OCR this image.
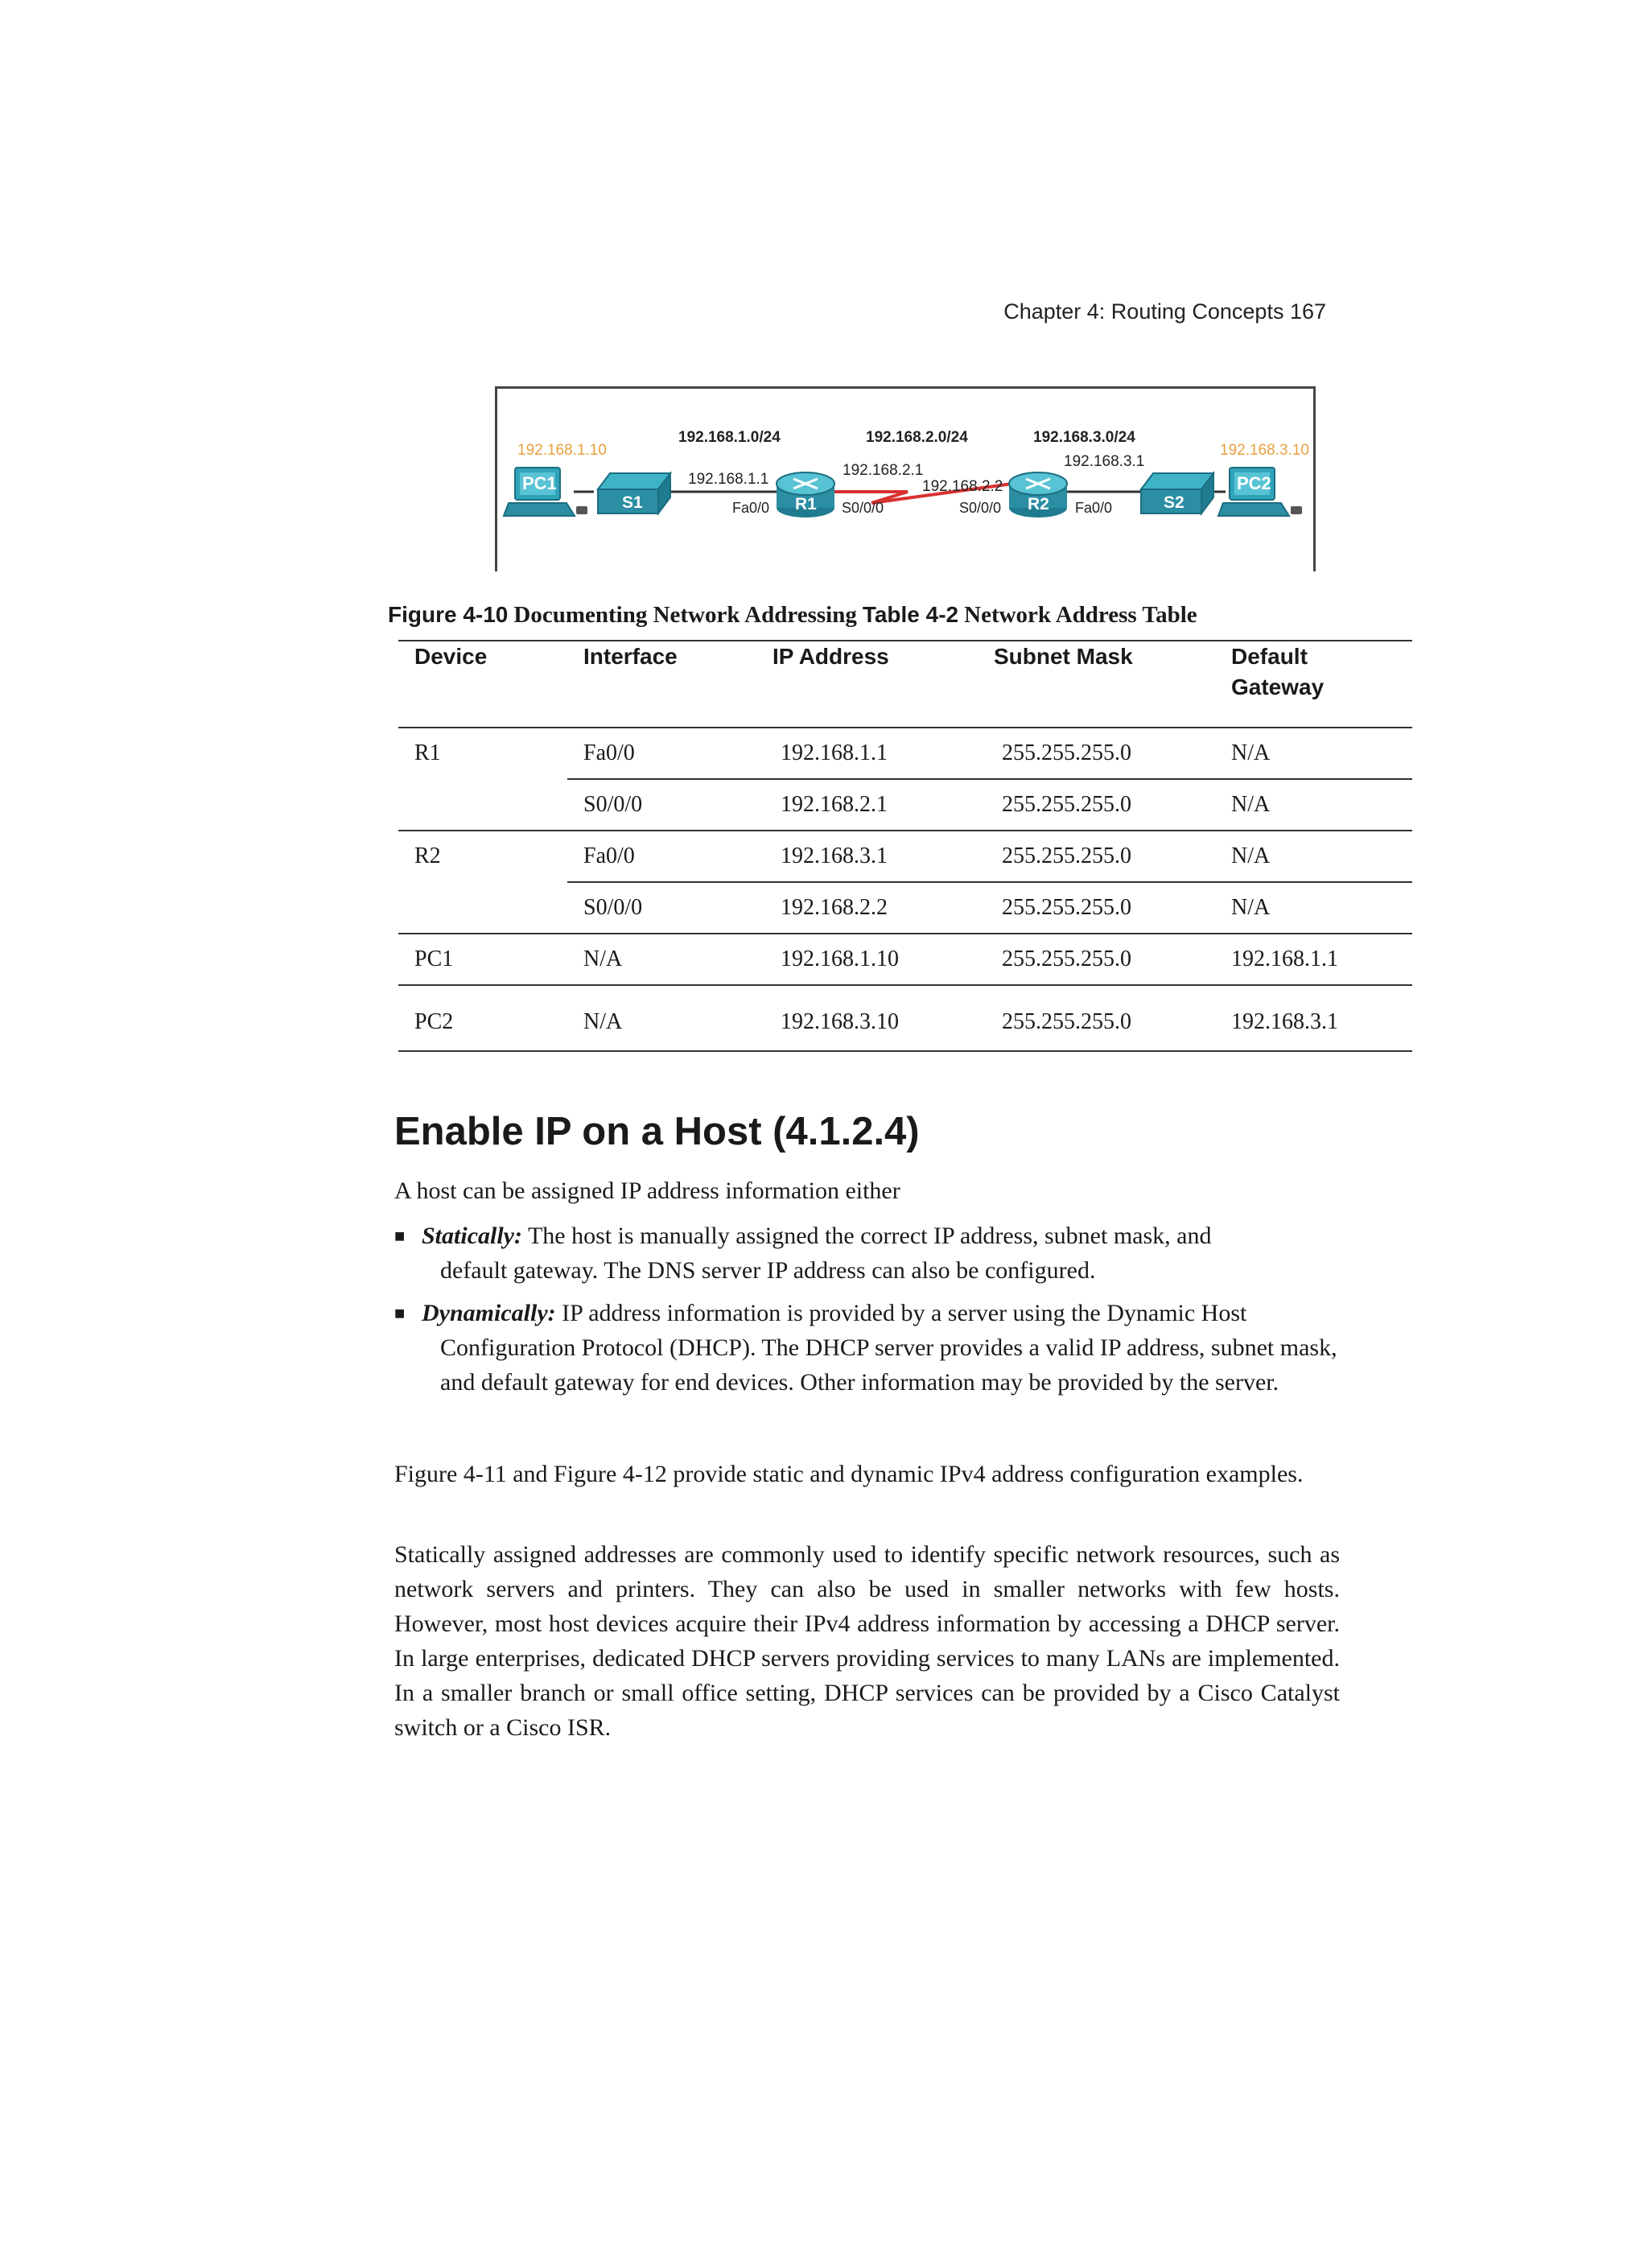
Chapter 4: Routing Concepts 167
PC1
192.168.1.10
S1	R1	R2	S2
PC2
192.168.3.10
192.168.1.0/24	192.168.2.0/24	192.168.3.0/24
192.168.1.1
192.168.2.1
192.168.2.2
192.168.3.1
Fa0/0	S0/0/0	S0/0/0	Fa0/0
Figure 4-10 Documenting Network Addressing Table 4-2 Network Address Table
Device	Interface	IP Address	Subnet Mask	Default
Gateway
R1	Fa0/0	192.168.1.1	255.255.255.0	N/A
	S0/0/0	192.168.2.1	255.255.255.0	N/A
R2	Fa0/0	192.168.3.1	255.255.255.0	N/A
	S0/0/0	192.168.2.2	255.255.255.0	N/A
PC1	N/A	192.168.1.10	255.255.255.0	192.168.1.1
PC2	N/A	192.168.3.10	255.255.255.0	192.168.3.1
Enable IP on a Host (4.1.2.4)

A host can be assigned IP address information either

■ Statically: The host is manually assigned the correct IP address, subnet mask, and
default gateway. The DNS server IP address can also be configured.
■ Dynamically: IP address information is provided by a server using the Dynamic Host
Configuration Protocol (DHCP). The DHCP server provides a valid IP address, subnet mask, and default gateway for end devices. Other information may be provided by the server.

Figure 4-11 and Figure 4-12 provide static and dynamic IPv4 address configuration examples.

Statically assigned addresses are commonly used to identify specific network resources, such as network servers and printers. They can also be used in smaller networks with few hosts. However, most host devices acquire their IPv4 address information by accessing a DHCP server. In large enterprises, dedicated DHCP servers providing services to many LANs are implemented. In a smaller branch or small office setting, DHCP services can be provided by a Cisco Catalyst switch or a Cisco ISR.
